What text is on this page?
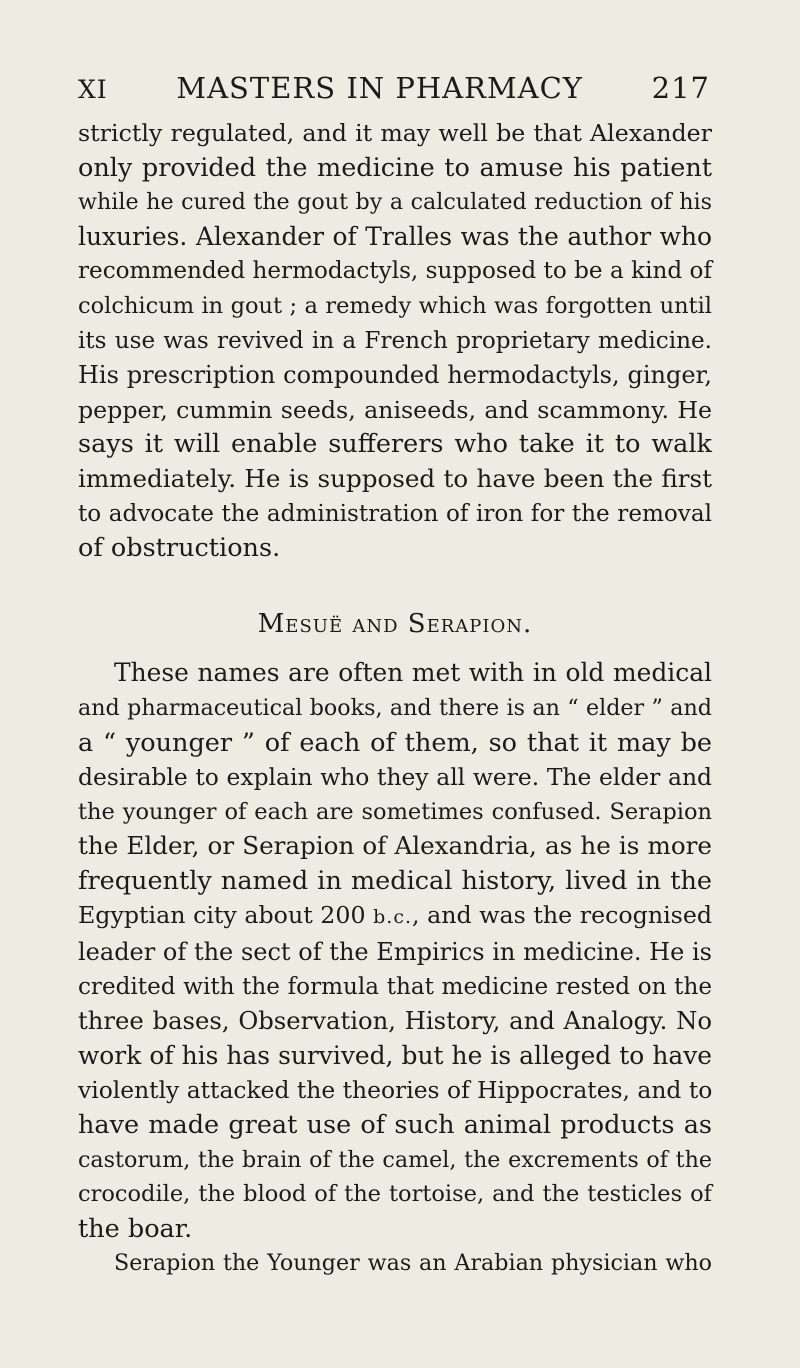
XI MASTERS IN PHARMACY 217
strictly regulated, and it may well be that Alexander
only provided the medicine to amuse his patient
while he cured the gout by a calculated reduction of his
luxuries. Alexander of Tralles was the author who
recommended hermodactyls, supposed to be a kind of
colchicum in gout ; a remedy which was forgotten until
its use was revived in a French proprietary medicine.
His prescription compounded hermodactyls, ginger,
pepper, cummin seeds, aniseeds, and scammony. He
says it will enable sufferers who take it to walk
immediately. He is supposed to have been the first
to advocate the administration of iron for the removal
of obstructions.
Mesuë and Serapion.
These names are often met with in old medical
and pharmaceutical books, and there is an “ elder ” and
a “ younger ” of each of them, so that it may be
desirable to explain who they all were. The elder and
the younger of each are sometimes confused. Serapion
the Elder, or Serapion of Alexandria, as he is more
frequently named in medical history, lived in the
Egyptian city about 200 b.c., and was the recognised
leader of the sect of the Empirics in medicine. He is
credited with the formula that medicine rested on the
three bases, Observation, History, and Analogy. No
work of his has survived, but he is alleged to have
violently attacked the theories of Hippocrates, and to
have made great use of such animal products as
castorum, the brain of the camel, the excrements of the
crocodile, the blood of the tortoise, and the testicles of
the boar.
Serapion the Younger was an Arabian physician who
